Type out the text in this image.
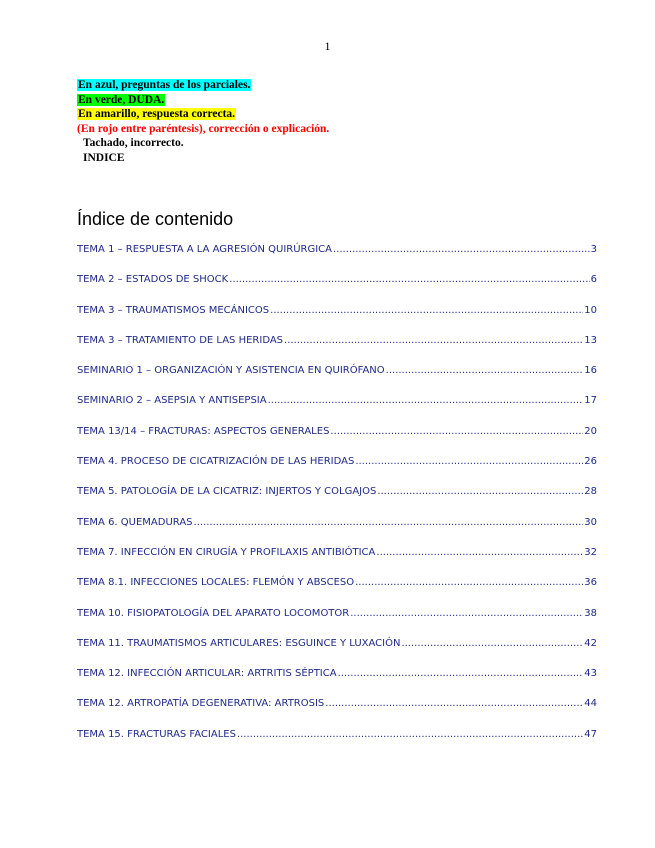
1
En azul, preguntas de los parciales.
En verde, DUDA.
En amarillo, respuesta correcta.
(En rojo entre paréntesis), corrección o explicación.
Tachado, incorrecto.
INDICE
Índice de contenido
TEMA 1 – RESPUESTA A LA AGRESIÓN QUIRÚRGICA .....	3
TEMA 2 – ESTADOS DE SHOCK .....	6
TEMA 3 – TRAUMATISMOS MECÁNICOS .....	10
TEMA 3 – TRATAMIENTO DE LAS HERIDAS .....	13
SEMINARIO 1 – ORGANIZACIÓN Y ASISTENCIA EN QUIRÓFANO .....	16
SEMINARIO 2 – ASEPSIA Y ANTISEPSIA .....	17
TEMA 13/14 – FRACTURAS: ASPECTOS GENERALES .....	20
TEMA 4. PROCESO DE CICATRIZACIÓN DE LAS HERIDAS .....	26
TEMA 5. PATOLOGÍA DE LA CICATRIZ: INJERTOS Y COLGAJOS .....	28
TEMA 6. QUEMADURAS .....	30
TEMA 7. INFECCIÓN EN CIRUGÍA Y PROFILAXIS ANTIBIÓTICA .....	32
TEMA 8.1. INFECCIONES LOCALES: FLEMÓN Y ABSCESO .....	36
TEMA 10. FISIOPATOLOGÍA DEL APARATO LOCOMOTOR .....	38
TEMA 11. TRAUMATISMOS ARTICULARES: ESGUINCE Y LUXACIÓN .....	42
TEMA 12. INFECCIÓN ARTICULAR: ARTRITIS SÉPTICA .....	43
TEMA 12. ARTROPATÍA DEGENERATIVA: ARTROSIS .....	44
TEMA 15. FRACTURAS FACIALES .....	47
